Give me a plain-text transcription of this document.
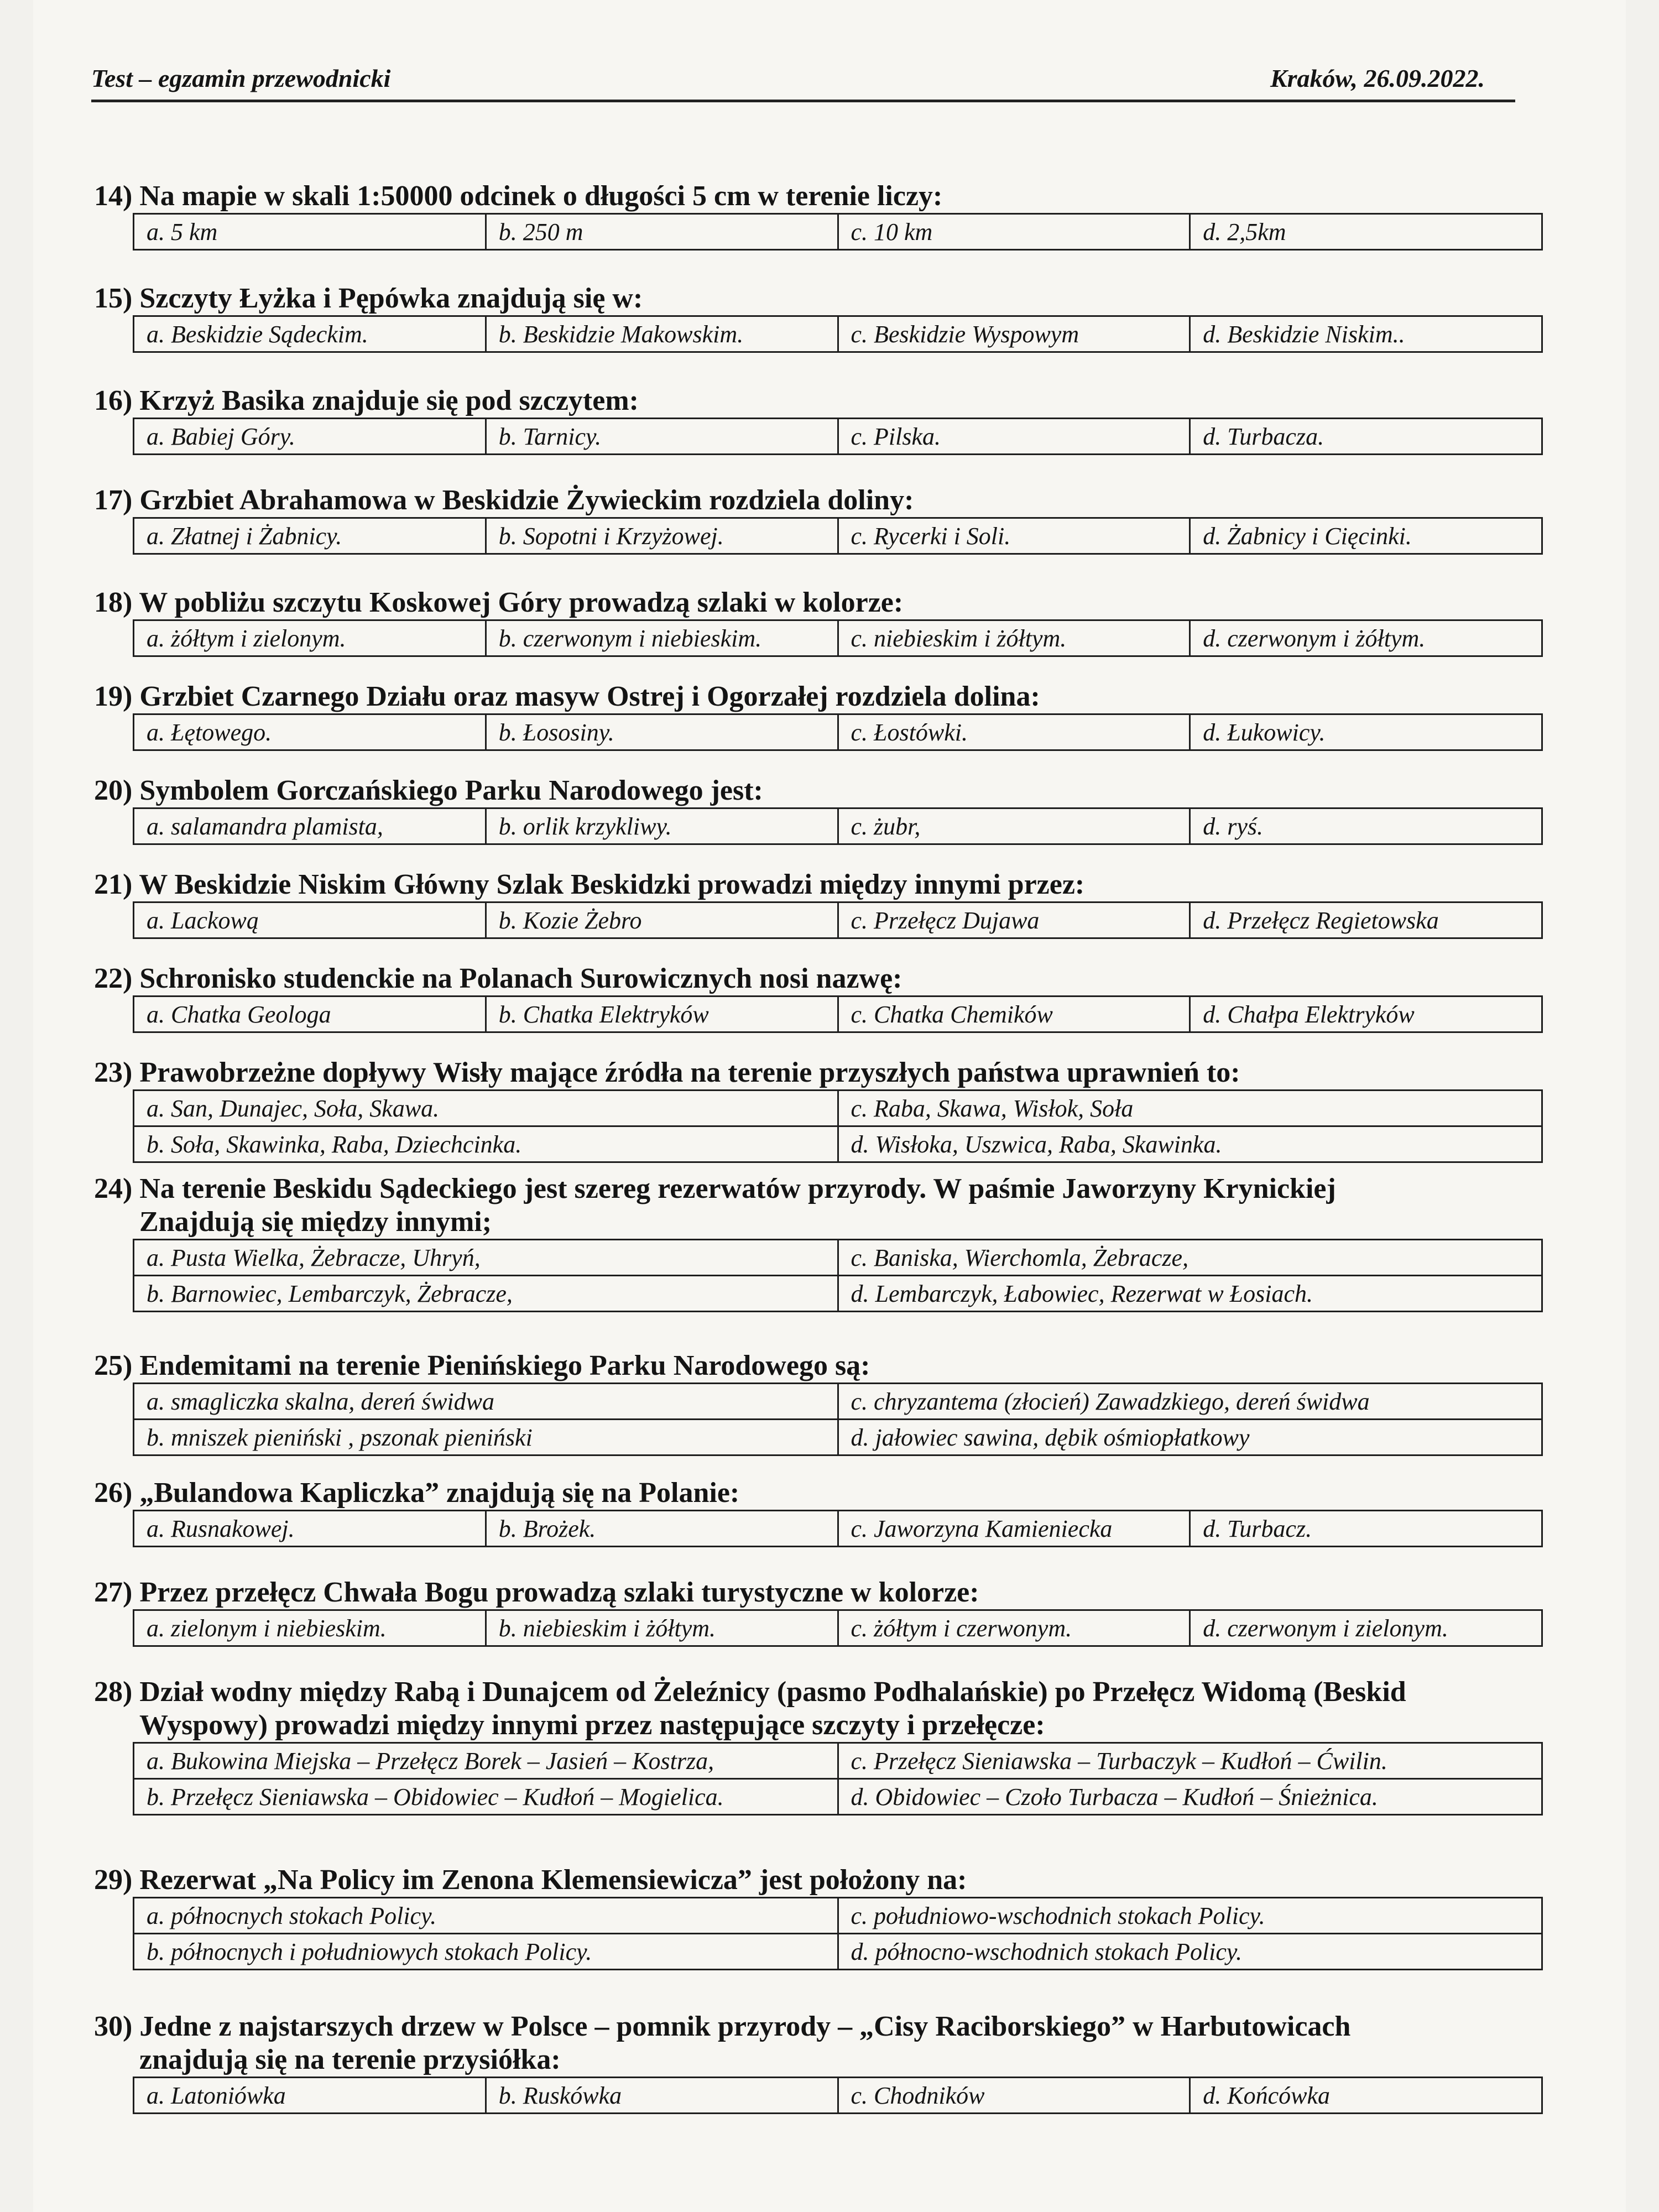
Test – egzamin przewodnicki	Kraków, 26.09.2022.
14) Na mapie w skali 1:50000 odcinek o długości 5 cm w terenie liczy:
a. 5 km	b. 250 m	c. 10 km	d. 2,5km
15) Szczyty Łyżka i Pępówka znajdują się w:
a. Beskidzie Sądeckim.	b. Beskidzie Makowskim.	c. Beskidzie Wyspowym	d. Beskidzie Niskim..
16) Krzyż Basika znajduje się pod szczytem:
a. Babiej Góry.	b. Tarnicy.	c. Pilska.	d. Turbacza.
17) Grzbiet Abrahamowa w Beskidzie Żywieckim rozdziela doliny:
a. Złatnej i Żabnicy.	b. Sopotni i Krzyżowej.	c. Rycerki i Soli.	d. Żabnicy i Cięcinki.
18) W pobliżu szczytu Koskowej Góry prowadzą szlaki w kolorze:
a. żółtym i zielonym.	b. czerwonym i niebieskim.	c. niebieskim i żółtym.	d. czerwonym i żółtym.
19) Grzbiet Czarnego Działu oraz masyw Ostrej i Ogorzałej rozdziela dolina:
a. Łętowego.	b. Łososiny.	c. Łostówki.	d. Łukowicy.
20) Symbolem Gorczańskiego Parku Narodowego jest:
a. salamandra plamista,	b. orlik krzykliwy.	c. żubr,	d. ryś.
21) W Beskidzie Niskim Główny Szlak Beskidzki prowadzi między innymi przez:
a. Lackową	b. Kozie Żebro	c. Przełęcz Dujawa	d. Przełęcz Regietowska
22) Schronisko studenckie na Polanach Surowicznych nosi nazwę:
a. Chatka Geologa	b. Chatka Elektryków	c. Chatka Chemików	d. Chałpa Elektryków
23) Prawobrzeżne dopływy Wisły mające źródła na terenie przyszłych państwa uprawnień to:
a. San, Dunajec, Soła, Skawa.	c. Raba, Skawa, Wisłok, Soła
b. Soła, Skawinka, Raba, Dziechcinka.	d. Wisłoka, Uszwica, Raba, Skawinka.
24) Na terenie Beskidu Sądeckiego jest szereg rezerwatów przyrody. W paśmie Jaworzyny Krynickiej
Znajdują się między innymi;
a. Pusta Wielka, Żebracze, Uhryń,	c. Baniska, Wierchomla, Żebracze,
b. Barnowiec, Lembarczyk, Żebracze,	d. Lembarczyk, Łabowiec, Rezerwat w Łosiach.
25) Endemitami na terenie Pienińskiego Parku Narodowego są:
a. smagliczka skalna, dereń świdwa	c. chryzantema (złocień) Zawadzkiego, dereń świdwa
b. mniszek pieniński , pszonak pieniński	d. jałowiec sawina, dębik ośmiopłatkowy
26) „Bulandowa Kapliczka” znajdują się na Polanie:
a. Rusnakowej.	b. Brożek.	c. Jaworzyna Kamieniecka	d. Turbacz.
27) Przez przełęcz Chwała Bogu prowadzą szlaki turystyczne w kolorze:
a. zielonym i niebieskim.	b. niebieskim i żółtym.	c. żółtym i czerwonym.	d. czerwonym i zielonym.
28) Dział wodny między Rabą i Dunajcem od Żeleźnicy (pasmo Podhalańskie) po Przełęcz Widomą (Beskid
Wyspowy) prowadzi między innymi przez następujące szczyty i przełęcze:
a. Bukowina Miejska – Przełęcz Borek – Jasień – Kostrza,	c. Przełęcz Sieniawska – Turbaczyk – Kudłoń – Ćwilin.
b. Przełęcz Sieniawska – Obidowiec – Kudłoń – Mogielica.	d. Obidowiec – Czoło Turbacza – Kudłoń – Śnieżnica.
29) Rezerwat „Na Policy im Zenona Klemensiewicza” jest położony na:
a. północnych stokach Policy.	c. południowo-wschodnich stokach Policy.
b. północnych i południowych stokach Policy.	d. północno-wschodnich stokach Policy.
30) Jedne z najstarszych drzew w Polsce – pomnik przyrody – „Cisy Raciborskiego” w Harbutowicach
znajdują się na terenie przysiółka:
a. Latoniówka	b. Ruskówka	c. Chodników	d. Końcówka
